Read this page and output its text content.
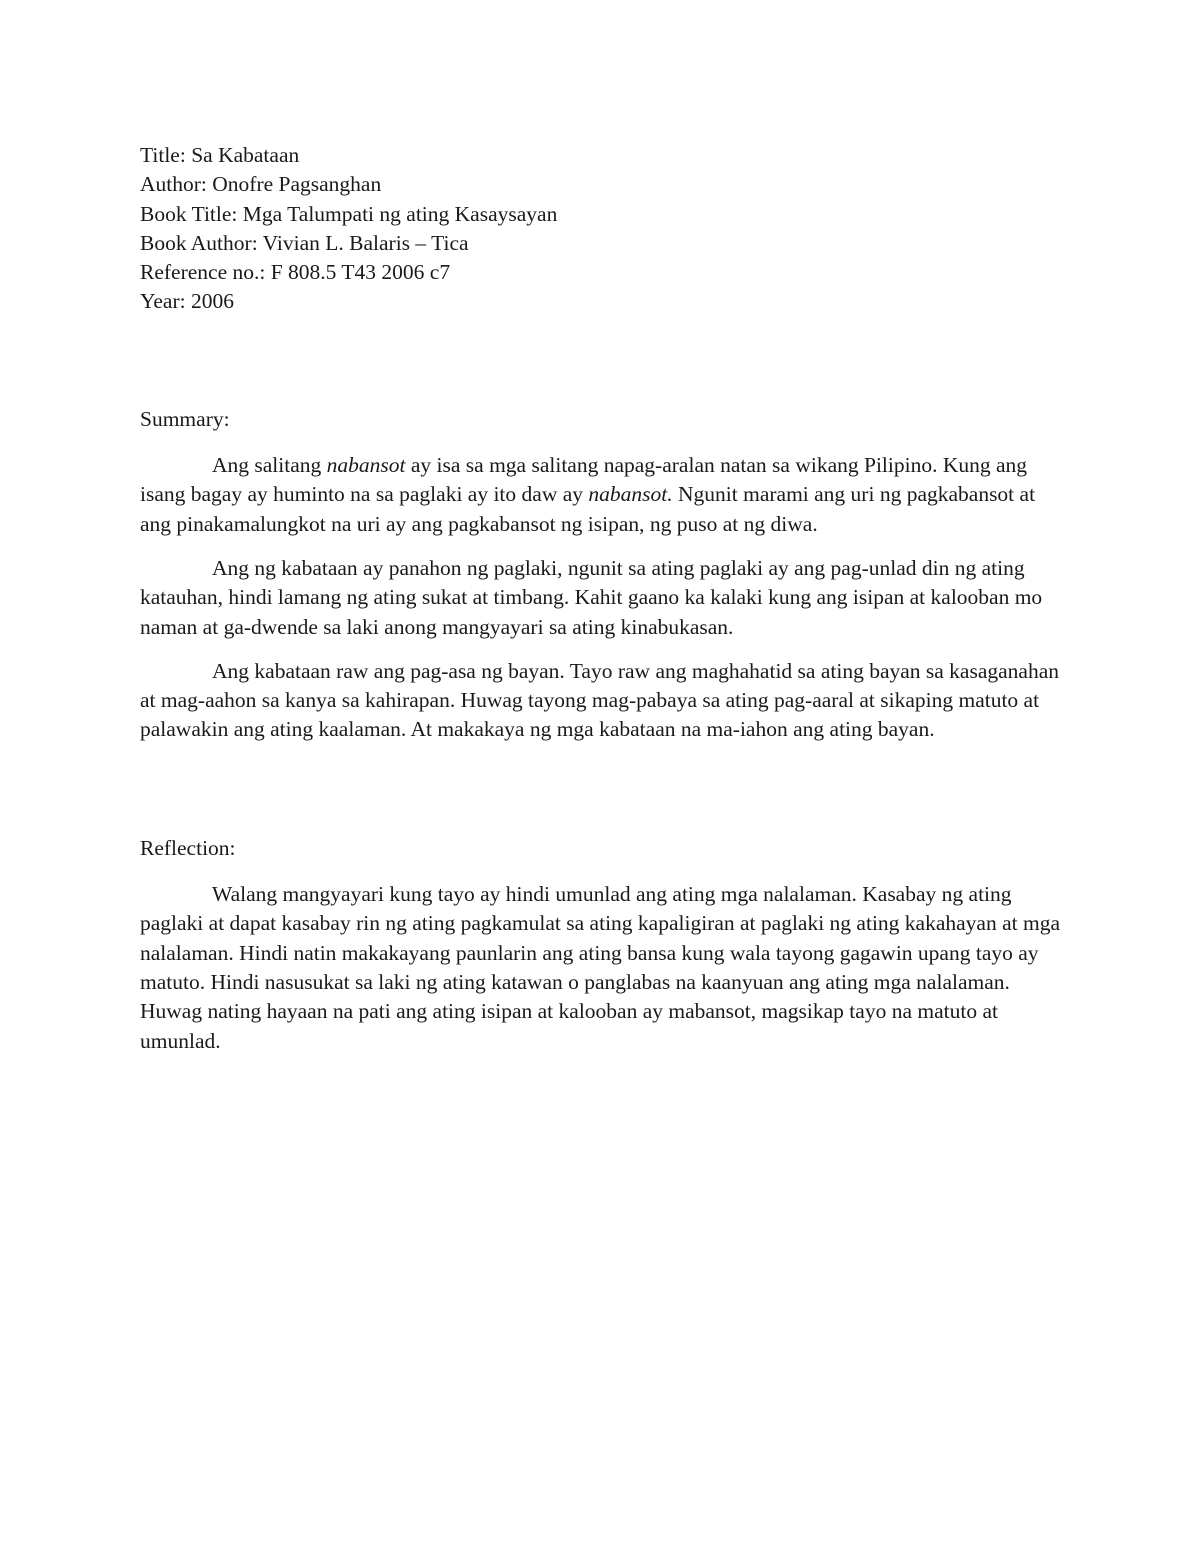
Title: Sa Kabataan
Author: Onofre Pagsanghan
Book Title: Mga Talumpati ng ating Kasaysayan
Book Author: Vivian L. Balaris – Tica
Reference no.: F 808.5 T43 2006 c7
Year: 2006

Summary:

Ang salitang nabansot ay isa sa mga salitang napag-aralan natan sa wikang Pilipino. Kung ang isang bagay ay huminto na sa paglaki ay ito daw ay nabansot. Ngunit marami ang uri ng pagkabansot at ang pinakamalungkot na uri ay ang pagkabansot ng isipan, ng puso at ng diwa.

Ang ng kabataan ay panahon ng paglaki, ngunit sa ating paglaki ay ang pag-unlad din ng ating katauhan, hindi lamang ng ating sukat at timbang. Kahit gaano ka kalaki kung ang isipan at kalooban mo naman at ga-dwende sa laki anong mangyayari sa ating kinabukasan.

Ang kabataan raw ang pag-asa ng bayan. Tayo raw ang maghahatid sa ating bayan sa kasaganahan at mag-aahon sa kanya sa kahirapan. Huwag tayong mag-pabaya sa ating pag-aaral at sikaping matuto at palawakin ang ating kaalaman. At makakaya ng mga kabataan na ma-iahon ang ating bayan.

Reflection:

Walang mangyayari kung tayo ay hindi umunlad ang ating mga nalalaman. Kasabay ng ating paglaki at dapat kasabay rin ng ating pagkamulat sa ating kapaligiran at paglaki ng ating kakahayan at mga nalalaman. Hindi natin makakayang paunlarin ang ating bansa kung wala tayong gagawin upang tayo ay matuto. Hindi nasusukat sa laki ng ating katawan o panglabas na kaanyuan ang ating mga nalalaman. Huwag nating hayaan na pati ang ating isipan at kalooban ay mabansot, magsikap tayo na matuto at umunlad.
